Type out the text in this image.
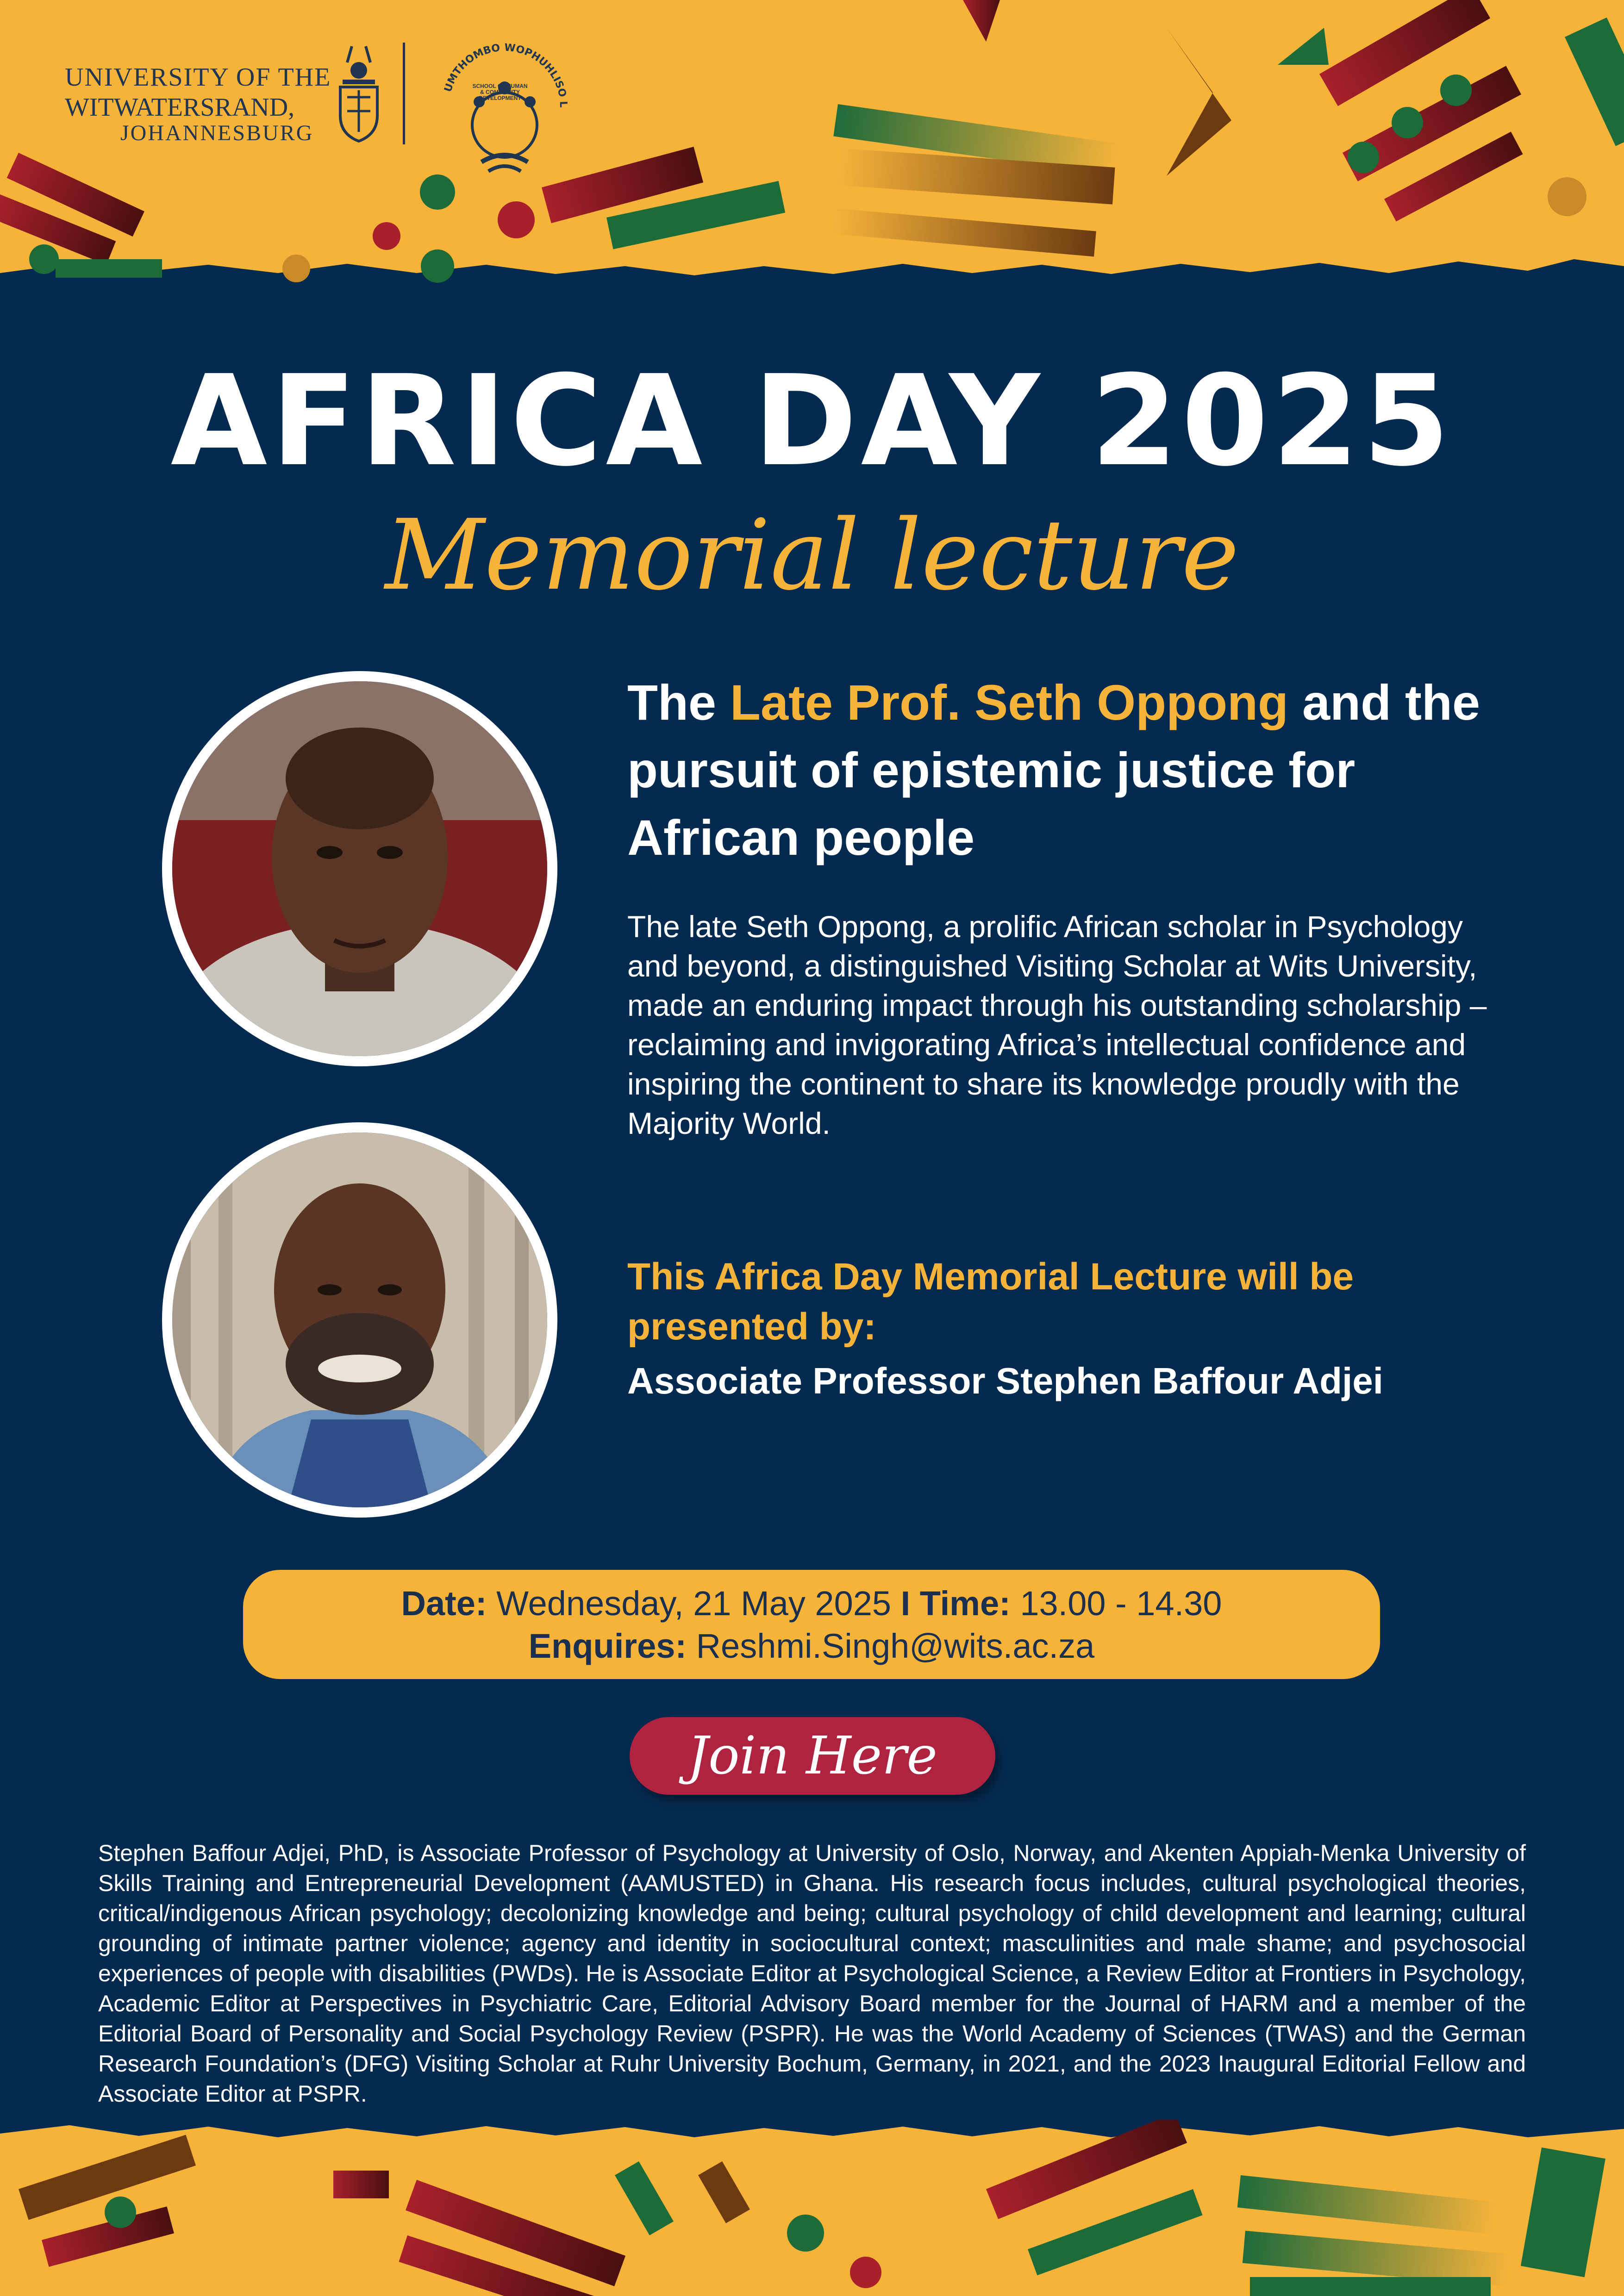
UNIVERSITY OF THE
WITWATERSRAND,
JOHANNESBURG
UMTHOMBO WOPHUHLISO L
SCHOOL OF HUMAN & COMMUNITY DEVELOPMENT
AFRICA DAY 2025
Memorial lecture
The Late Prof. Seth Oppong and the pursuit of epistemic justice for African people
The late Seth Oppong, a prolific African scholar in Psychology and beyond, a distinguished Visiting Scholar at Wits University, made an enduring impact through his outstanding scholarship – reclaiming and invigorating Africa’s intellectual confidence and inspiring the continent to share its knowledge proudly with the Majority World.
This Africa Day Memorial Lecture will be presented by:
Associate Professor Stephen Baffour Adjei
Date: Wednesday, 21 May 2025 I Time: 13.00 - 14.30
Enquires: Reshmi.Singh@wits.ac.za
Join Here
Stephen Baffour Adjei, PhD, is Associate Professor of Psychology at University of Oslo, Norway, and Akenten Appiah-Menka University of Skills Training and Entrepreneurial Development (AAMUSTED) in Ghana. His research focus includes, cultural psychological theories, critical/indigenous African psychology; decolonizing knowledge and being; cultural psychology of child development and learning; cultural grounding of intimate partner violence; agency and identity in sociocultural context; masculinities and male shame; and psychosocial experiences of people with disabilities (PWDs). He is Associate Editor at Psychological Science, a Review Editor at Frontiers in Psychology, Academic Editor at Perspectives in Psychiatric Care, Editorial Advisory Board member for the Journal of HARM and a member of the Editorial Board of Personality and Social Psychology Review (PSPR). He was the World Academy of Sciences (TWAS) and the German Research Foundation’s (DFG) Visiting Scholar at Ruhr University Bochum, Germany, in 2021, and the 2023 Inaugural Editorial Fellow and Associate Editor at PSPR.
